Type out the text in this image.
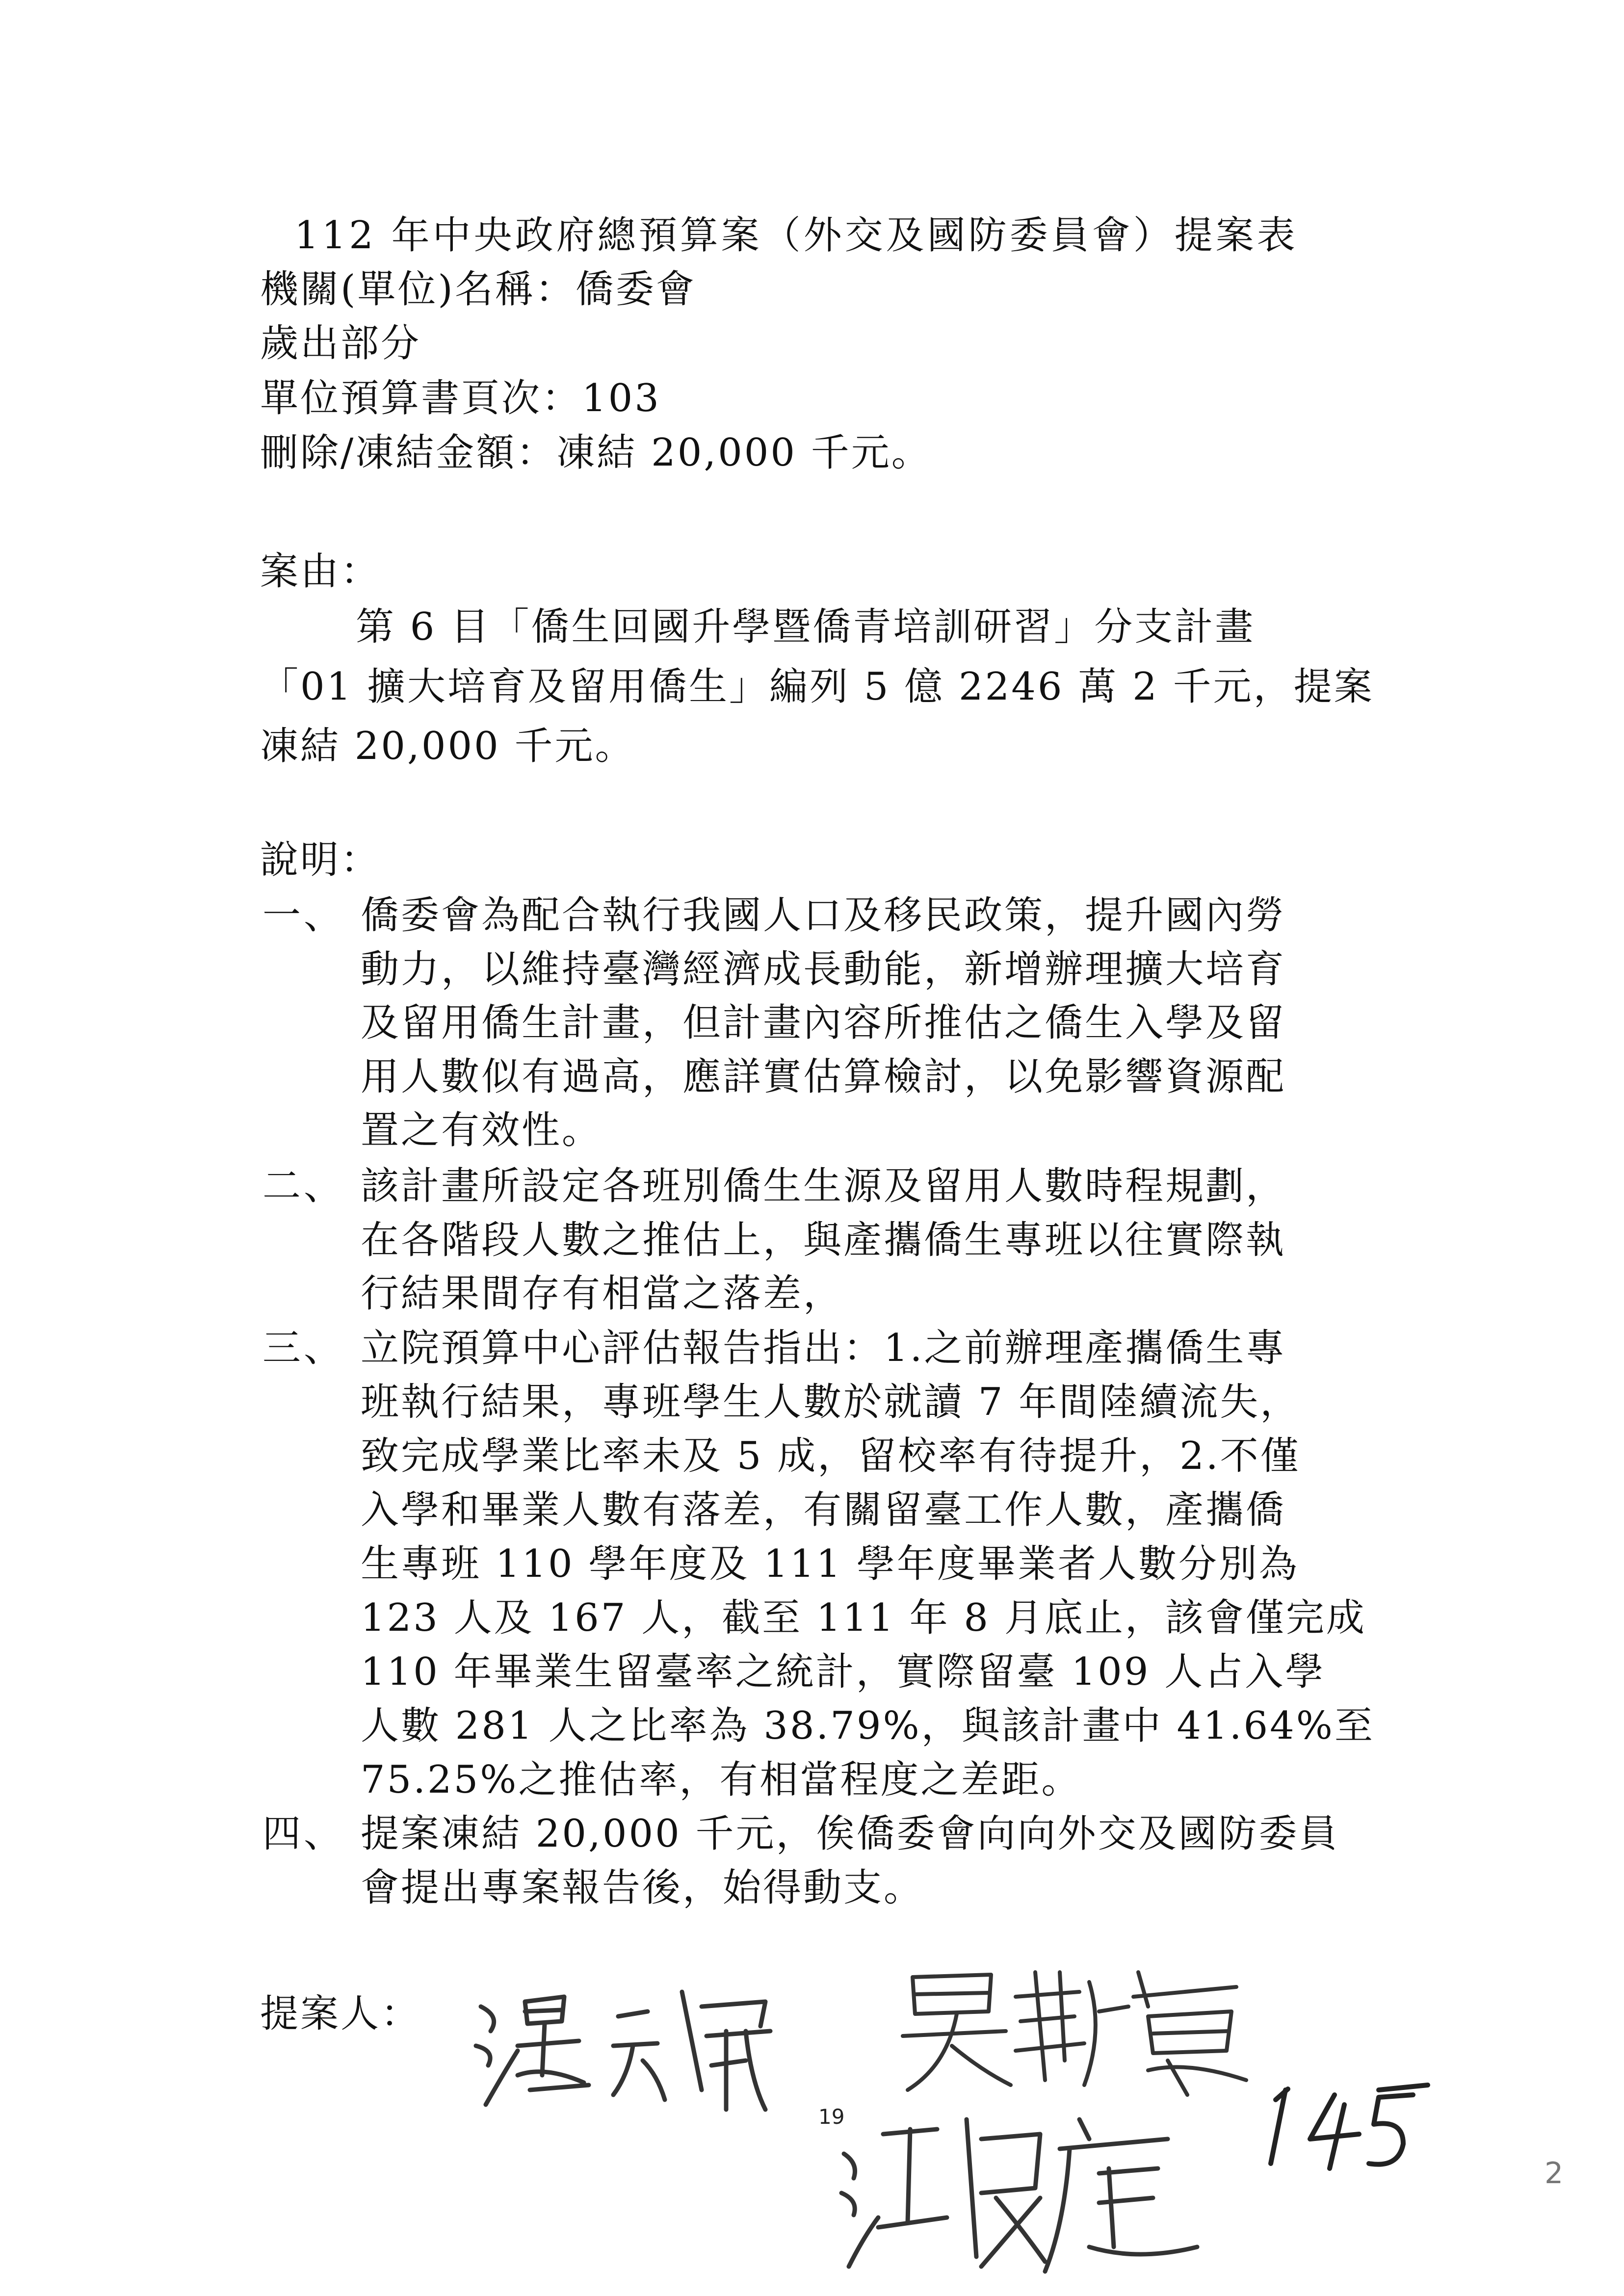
112 年中央政府總預算案（外交及國防委員會）提案表
機關(單位)名稱：僑委會
歲出部分
單位預算書頁次：103
刪除/凍結金額：凍結 20,000 千元。
案由：
第 6 目「僑生回國升學暨僑青培訓研習」分支計畫
「01 擴大培育及留用僑生」編列 5 億 2246 萬 2 千元，提案
凍結 20,000 千元。
說明：
一、 僑委會為配合執行我國人口及移民政策，提升國內勞
動力，以維持臺灣經濟成長動能，新增辦理擴大培育
及留用僑生計畫，但計畫內容所推估之僑生入學及留
用人數似有過高，應詳實估算檢討，以免影響資源配
置之有效性。
二、 該計畫所設定各班別僑生生源及留用人數時程規劃，
在各階段人數之推估上，與產攜僑生專班以往實際執
行結果間存有相當之落差，
三、 立院預算中心評估報告指出：1.之前辦理產攜僑生專
班執行結果，專班學生人數於就讀 7 年間陸續流失，
致完成學業比率未及 5 成，留校率有待提升，2.不僅
入學和畢業人數有落差，有關留臺工作人數，產攜僑
生專班 110 學年度及 111 學年度畢業者人數分別為
123 人及 167 人，截至 111 年 8 月底止，該會僅完成
110 年畢業生留臺率之統計，實際留臺 109 人占入學
人數 281 人之比率為 38.79%，與該計畫中 41.64%至
75.25%之推估率，有相當程度之差距。
四、 提案凍結 20,000 千元，俟僑委會向向外交及國防委員
會提出專案報告後，始得動支。
提案人：
19
2
